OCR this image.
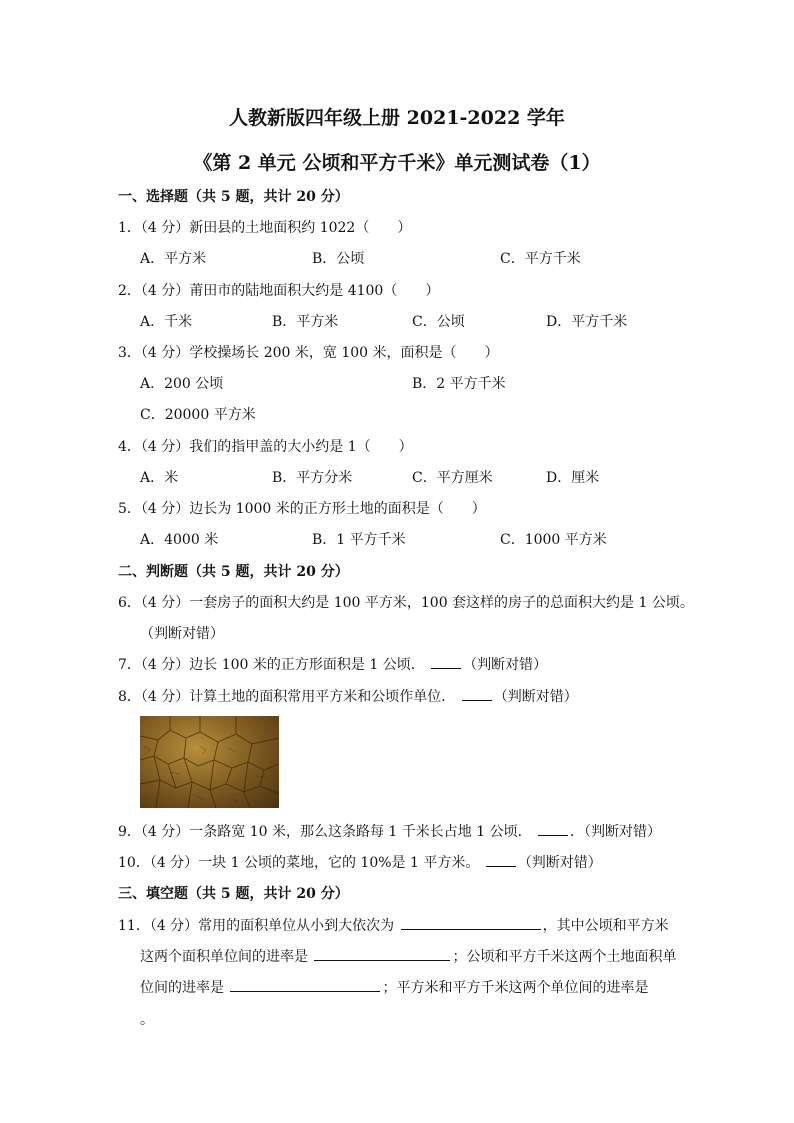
人教新版四年级上册 2021-2022 学年
《第 2 单元 公顷和平方千米》单元测试卷（1）
一、选择题（共 5 题，共计 20 分）
1．（4 分）新田县的土地面积约 1022（　　）
A．平方米	B．公顷	C．平方千米
2．（4 分）莆田市的陆地面积大约是 4100（　　）
A．千米	B．平方米	C．公顷	D．平方千米
3．（4 分）学校操场长 200 米，宽 100 米，面积是（　　）
A．200 公顷	B．2 平方千米
C．20000 平方米
4．（4 分）我们的指甲盖的大小约是 1（　　）
A．米	B．平方分米	C．平方厘米	D．厘米
5．（4 分）边长为 1000 米的正方形土地的面积是（　　）
A．4000 米	B．1 平方千米	C．1000 平方米
二、判断题（共 5 题，共计 20 分）
6．（4 分）一套房子的面积大约是 100 平方米，100 套这样的房子的总面积大约是 1 公顷。
（判断对错）
7．（4 分）边长 100 米的正方形面积是 1 公顷．	（判断对错）
8．（4 分）计算土地的面积常用平方米和公顷作单位．	（判断对错）
9．（4 分）一条路宽 10 米，那么这条路每 1 千米长占地 1 公顷．	．（判断对错）
10．（4 分）一块 1 公顷的菜地，它的 10%是 1 平方米。	（判断对错）
三、填空题（共 5 题，共计 20 分）
11．（4 分）常用的面积单位从小到大依次为	，其中公顷和平方米
这两个面积单位间的进率是	；公顷和平方千米这两个土地面积单
位间的进率是	；平方米和平方千米这两个单位间的进率是
。
